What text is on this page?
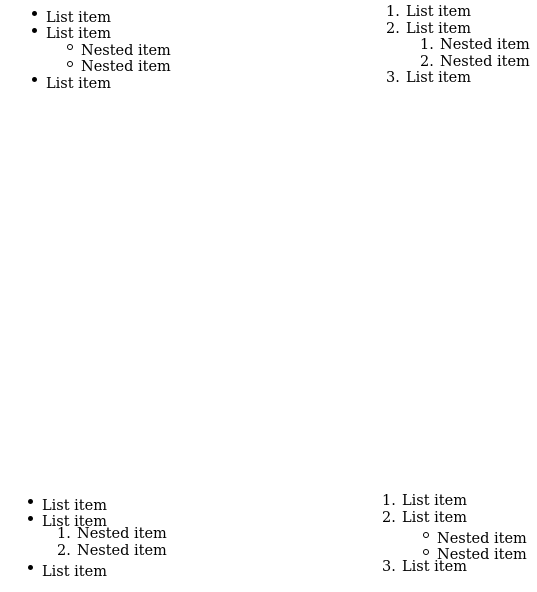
List item
List item
Nested item
Nested item
List item
1. List item
2. List item
1. Nested item
2. Nested item
3. List item
List item
List item
1. Nested item
2. Nested item
List item
1. List item
2. List item
Nested item
Nested item
3. List item
